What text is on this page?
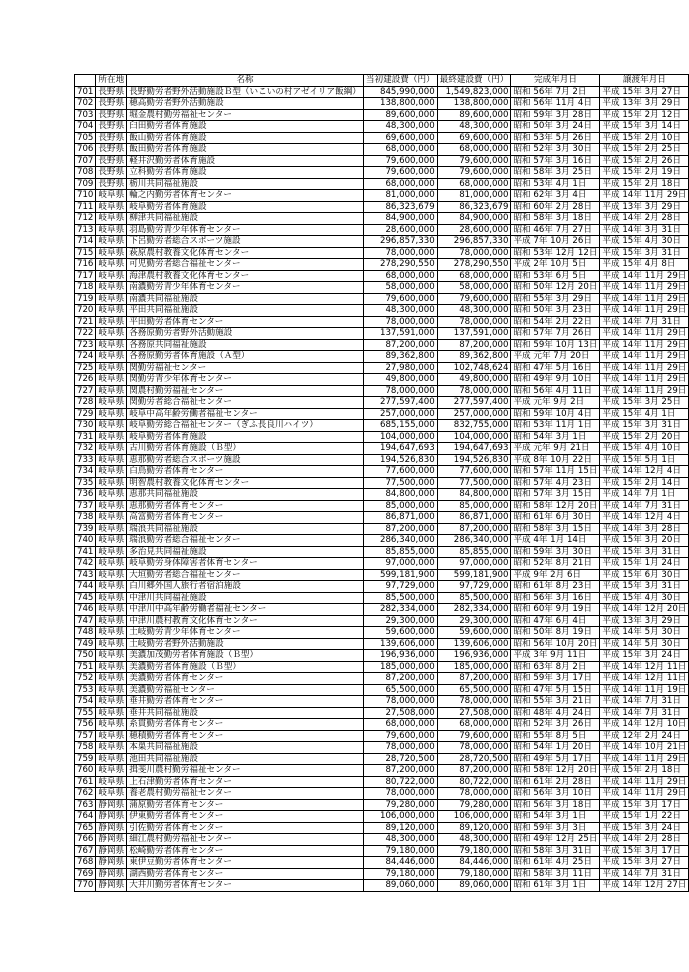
	所在地	名称	当初建設費（円）	最終建設費（円）	完成年月日	譲渡年月日
701	長野県	長野勤労者野外活動施設Ｂ型（いこいの村アゼイリア飯綱）	845,990,000	1,549,823,000	昭和 56年 7月 2日	平成 15年 3月 27日
702	長野県	穂高勤労者野外活動施設	138,800,000	138,800,000	昭和 56年 11月 4日	平成 13年 3月 29日
703	長野県	堀金農村勤労福祉センター	89,600,000	89,600,000	昭和 59年 3月 28日	平成 15年 2月 12日
704	長野県	臼田勤労者体育施設	48,300,000	48,300,000	昭和 50年 3月 24日	平成 15年 3月 14日
705	長野県	飯山勤労者体育施設	69,600,000	69,600,000	昭和 53年 5月 26日	平成 15年 2月 10日
706	長野県	飯田勤労者体育施設	68,000,000	68,000,000	昭和 52年 3月 30日	平成 15年 2月 25日
707	長野県	軽井沢勤労者体育施設	79,600,000	79,600,000	昭和 57年 3月 16日	平成 15年 2月 26日
708	長野県	立科勤労者体育施設	79,600,000	79,600,000	昭和 58年 3月 25日	平成 15年 2月 19日
709	長野県	栃川共同福祉施設	68,000,000	68,000,000	昭和 53年 4月 1日	平成 15年 2月 18日
710	岐阜県	輪之内勤労者体育センター	81,000,000	81,000,000	昭和 62年 3月 4日	平成 14年 11月 29日
711	岐阜県	岐阜勤労者体育施設	86,323,679	86,323,679	昭和 60年 2月 28日	平成 13年 3月 29日
712	岐阜県	柳津共同福祉施設	84,900,000	84,900,000	昭和 58年 3月 18日	平成 14年 2月 28日
713	岐阜県	羽島勤労青少年体育センター	28,600,000	28,600,000	昭和 46年 7月 27日	平成 14年 3月 31日
714	岐阜県	下呂勤労者総合スポーツ施設	296,857,330	296,857,330	平成 7年 10月 26日	平成 15年 4月 30日
715	岐阜県	萩原農村教養文化体育センター	78,000,000	78,000,000	昭和 53年 12月 12日	平成 15年 3月 31日
716	岐阜県	可児勤労者総合福祉センター	278,290,550	278,290,550	平成 2年 10月 5日	平成 15年 4月 8日
717	岐阜県	海津農村教養文化体育センター	68,000,000	68,000,000	昭和 53年 6月 5日	平成 14年 11月 29日
718	岐阜県	南濃勤労青少年体育センター	58,000,000	58,000,000	昭和 50年 12月 20日	平成 14年 11月 29日
719	岐阜県	南濃共同福祉施設	79,600,000	79,600,000	昭和 55年 3月 29日	平成 14年 11月 29日
720	岐阜県	平田共同福祉施設	48,300,000	48,300,000	昭和 50年 3月 23日	平成 14年 11月 29日
721	岐阜県	平田勤労者体育センター	78,000,000	78,000,000	昭和 54年 2月 22日	平成 14年 7月 31日
722	岐阜県	各務原勤労者野外活動施設	137,591,000	137,591,000	昭和 57年 7月 26日	平成 14年 11月 29日
723	岐阜県	各務原共同福祉施設	87,200,000	87,200,000	昭和 59年 10月 13日	平成 14年 11月 29日
724	岐阜県	各務原勤労者体育施設（Ａ型）	89,362,800	89,362,800	平成 元年 7月 20日	平成 14年 11月 29日
725	岐阜県	関勤労福祉センター	27,980,000	102,748,624	昭和 47年 5月 16日	平成 14年 11月 29日
726	岐阜県	関勤労青少年体育センター	49,800,000	49,800,000	昭和 49年 9月 10日	平成 14年 11月 29日
727	岐阜県	関農村勤労福祉センター	78,000,000	78,000,000	昭和 56年 4月 11日	平成 14年 11月 29日
728	岐阜県	関勤労者総合福祉センター	277,597,400	277,597,400	平成 元年 9月 2日	平成 15年 3月 25日
729	岐阜県	岐阜中高年齢労働者福祉センター	257,000,000	257,000,000	昭和 59年 10月 4日	平成 15年 4月 1日
730	岐阜県	岐阜勤労総合福祉センター（ぎふ長良川ハイツ）	685,155,000	832,755,000	昭和 53年 11月 1日	平成 15年 3月 31日
731	岐阜県	岐阜勤労者体育施設	104,000,000	104,000,000	昭和 54年 3月 1日	平成 15年 2月 20日
732	岐阜県	古川勤労者体育施設（Ｂ型）	194,647,693	194,647,693	平成 元年 9月 21日	平成 15年 4月 10日
733	岐阜県	恵那勤労者総合スポーツ施設	194,526,830	194,526,830	平成 8年 10月 22日	平成 15年 5月 1日
734	岐阜県	白鳥勤労者体育センター	77,600,000	77,600,000	昭和 57年 11月 15日	平成 14年 12月 4日
735	岐阜県	明智農村教養文化体育センター	77,500,000	77,500,000	昭和 57年 4月 23日	平成 15年 2月 14日
736	岐阜県	恵那共同福祉施設	84,800,000	84,800,000	昭和 57年 3月 15日	平成 14年 7月 1日
737	岐阜県	恵那勤労者体育センター	85,000,000	85,000,000	昭和 58年 12月 20日	平成 14年 7月 31日
738	岐阜県	高富勤労者体育センター	86,871,000	86,871,000	昭和 61年 6月 30日	平成 14年 12月 4日
739	岐阜県	瑞浪共同福祉施設	87,200,000	87,200,000	昭和 58年 3月 15日	平成 14年 3月 28日
740	岐阜県	瑞浪勤労者総合福祉センター	286,340,000	286,340,000	平成 4年 1月 14日	平成 15年 3月 20日
741	岐阜県	多治見共同福祉施設	85,855,000	85,855,000	昭和 59年 3月 30日	平成 15年 3月 31日
742	岐阜県	岐阜勤労身体障害者体育センター	97,000,000	97,000,000	昭和 52年 8月 21日	平成 15年 1月 24日
743	岐阜県	大垣勤労者総合福祉センター	599,181,900	599,181,900	平成 9年 2月 6日	平成 15年 6月 30日
744	岐阜県	白川郷外国人旅行者宿泊施設	97,729,000	97,729,000	昭和 61年 8月 23日	平成 15年 3月 31日
745	岐阜県	中津川共同福祉施設	85,500,000	85,500,000	昭和 56年 3月 16日	平成 15年 4月 30日
746	岐阜県	中津川中高年齢労働者福祉センター	282,334,000	282,334,000	昭和 60年 9月 19日	平成 14年 12月 20日
747	岐阜県	中津川農村教育文化体育センター	29,300,000	29,300,000	昭和 47年 6月 4日	平成 13年 3月 29日
748	岐阜県	土岐勤労青少年体育センター	59,600,000	59,600,000	昭和 50年 8月 19日	平成 14年 5月 30日
749	岐阜県	土岐勤労者野外活動施設	139,606,000	139,606,000	昭和 56年 10月 20日	平成 14年 5月 30日
750	岐阜県	美濃加茂勤労者体育施設（Ｂ型）	196,936,000	196,936,000	平成 3年 9月 11日	平成 15年 3月 24日
751	岐阜県	美濃勤労者体育施設（Ｂ型）	185,000,000	185,000,000	昭和 63年 8月 2日	平成 14年 12月 11日
752	岐阜県	美濃勤労者体育センター	87,200,000	87,200,000	昭和 59年 3月 17日	平成 14年 12月 11日
753	岐阜県	美濃勤労福祉センター	65,500,000	65,500,000	昭和 47年 5月 15日	平成 14年 11月 19日
754	岐阜県	垂井勤労者体育センター	78,000,000	78,000,000	昭和 55年 3月 21日	平成 14年 7月 31日
755	岐阜県	垂井共同福祉施設	27,508,000	27,508,000	昭和 48年 4月 24日	平成 14年 7月 31日
756	岐阜県	糸貫勤労者体育センター	68,000,000	68,000,000	昭和 52年 3月 26日	平成 14年 12月 10日
757	岐阜県	穂積勤労者体育センター	79,600,000	79,600,000	昭和 55年 8月 5日	平成 12年 2月 24日
758	岐阜県	本巣共同福祉施設	78,000,000	78,000,000	昭和 54年 1月 20日	平成 14年 10月 21日
759	岐阜県	池田共同福祉施設	28,720,500	28,720,500	昭和 49年 5月 17日	平成 14年 11月 29日
760	岐阜県	揖斐川農村勤労福祉センター	87,200,000	87,200,000	昭和 58年 12月 20日	平成 15年 2月 18日
761	岐阜県	上石津勤労者体育センター	80,722,000	80,722,000	昭和 61年 2月 28日	平成 14年 11月 29日
762	岐阜県	養老農村勤労福祉センター	78,000,000	78,000,000	昭和 56年 3月 10日	平成 14年 11月 29日
763	静岡県	蒲原勤労者体育センター	79,280,000	79,280,000	昭和 56年 3月 18日	平成 15年 3月 17日
764	静岡県	伊東勤労者体育センター	106,000,000	106,000,000	昭和 54年 3月 1日	平成 15年 1月 22日
765	静岡県	引佐勤労者体育センター	89,120,000	89,120,000	昭和 59年 3月 3日	平成 15年 3月 24日
766	静岡県	細江農村勤労福祉センター	48,300,000	48,300,000	昭和 49年 12月 25日	平成 14年 2月 28日
767	静岡県	松崎勤労者体育センター	79,180,000	79,180,000	昭和 58年 3月 31日	平成 15年 3月 17日
768	静岡県	東伊豆勤労者体育センター	84,446,000	84,446,000	昭和 61年 4月 25日	平成 15年 3月 27日
769	静岡県	湖西勤労者体育センター	79,180,000	79,180,000	昭和 58年 3月 11日	平成 14年 7月 31日
770	静岡県	大井川勤労者体育センター	89,060,000	89,060,000	昭和 61年 3月 1日	平成 14年 12月 27日
